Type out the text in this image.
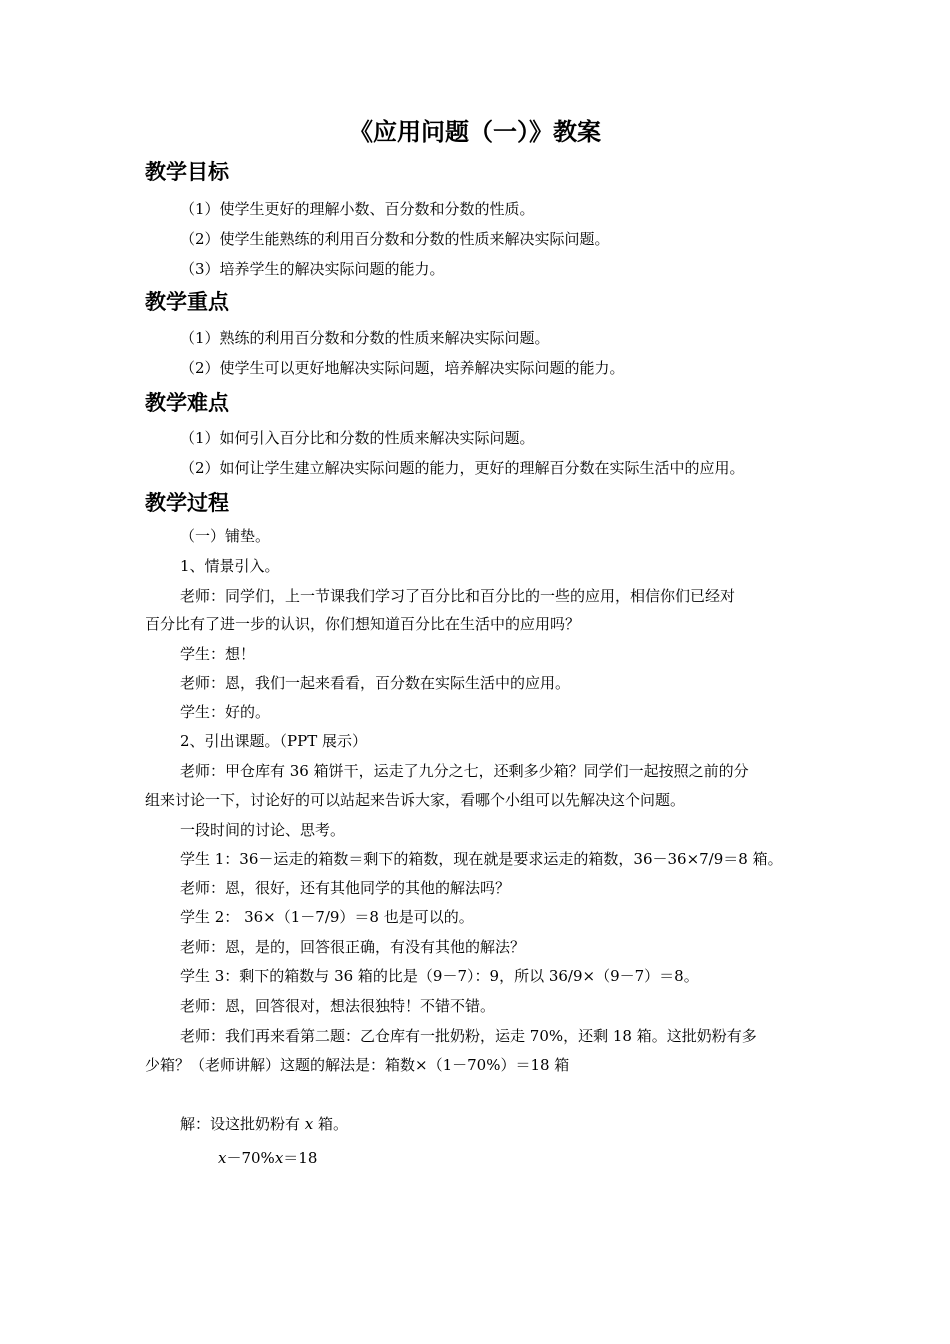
《应用问题（一）》教案
教学目标
（1）使学生更好的理解小数、百分数和分数的性质。
（2）使学生能熟练的利用百分数和分数的性质来解决实际问题。
（3）培养学生的解决实际问题的能力。
教学重点
（1）熟练的利用百分数和分数的性质来解决实际问题。
（2）使学生可以更好地解决实际问题，培养解决实际问题的能力。
教学难点
（1）如何引入百分比和分数的性质来解决实际问题。
（2）如何让学生建立解决实际问题的能力，更好的理解百分数在实际生活中的应用。
教学过程
（一）铺垫。
1、情景引入。
老师：同学们，上一节课我们学习了百分比和百分比的一些的应用，相信你们已经对
百分比有了进一步的认识，你们想知道百分比在生活中的应用吗？
学生：想！
老师：恩，我们一起来看看，百分数在实际生活中的应用。
学生：好的。
2、引出课题。（PPT 展示）
老师：甲仓库有 36 箱饼干，运走了九分之七，还剩多少箱？同学们一起按照之前的分
组来讨论一下，讨论好的可以站起来告诉大家，看哪个小组可以先解决这个问题。
一段时间的讨论、思考。
学生 1：36－运走的箱数＝剩下的箱数，现在就是要求运走的箱数，36－36×7/9＝8 箱。
老师：恩，很好，还有其他同学的其他的解法吗？
学生 2： 36×（1－7/9）＝8 也是可以的。
老师：恩，是的，回答很正确，有没有其他的解法？
学生 3：剩下的箱数与 36 箱的比是（9－7）：9，所以 36/9×（9－7）＝8。
老师：恩，回答很对，想法很独特！不错不错。
老师：我们再来看第二题：乙仓库有一批奶粉，运走 70%，还剩 18 箱。这批奶粉有多
少箱？（老师讲解）这题的解法是：箱数×（1－70%）＝18 箱
解：设这批奶粉有 x 箱。
x－70%x＝18
